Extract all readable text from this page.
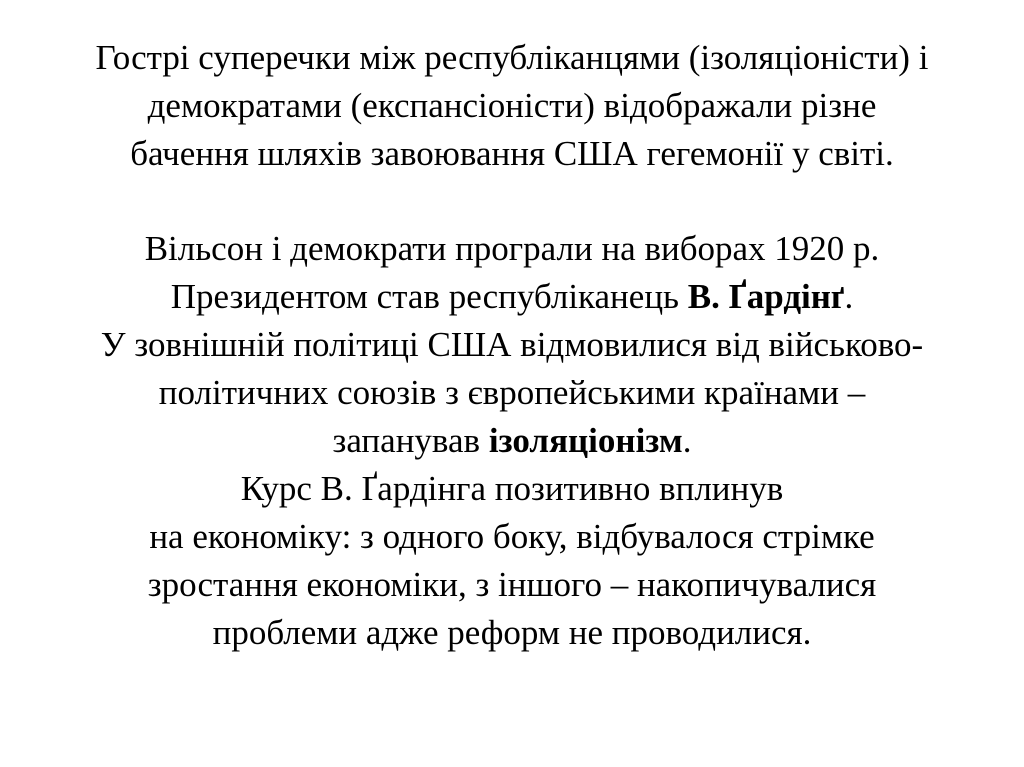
Гострі суперечки між республіканцями (ізоляціоністи) і
демократами (експансіоністи) відображали різне
бачення шляхів завоювання США гегемонії у світі.
Вільсон і демократи програли на виборах 1920 р.
Президентом став республіканець В. Ґардінґ.
У зовнішній політиці США відмовилися від військово-
політичних союзів з європейськими країнами –
запанував ізоляціонізм.
Курс В. Ґардінга позитивно вплинув
на економіку: з одного боку, відбувалося стрімке
зростання економіки, з іншого – накопичувалися
проблеми адже реформ не проводилися.
